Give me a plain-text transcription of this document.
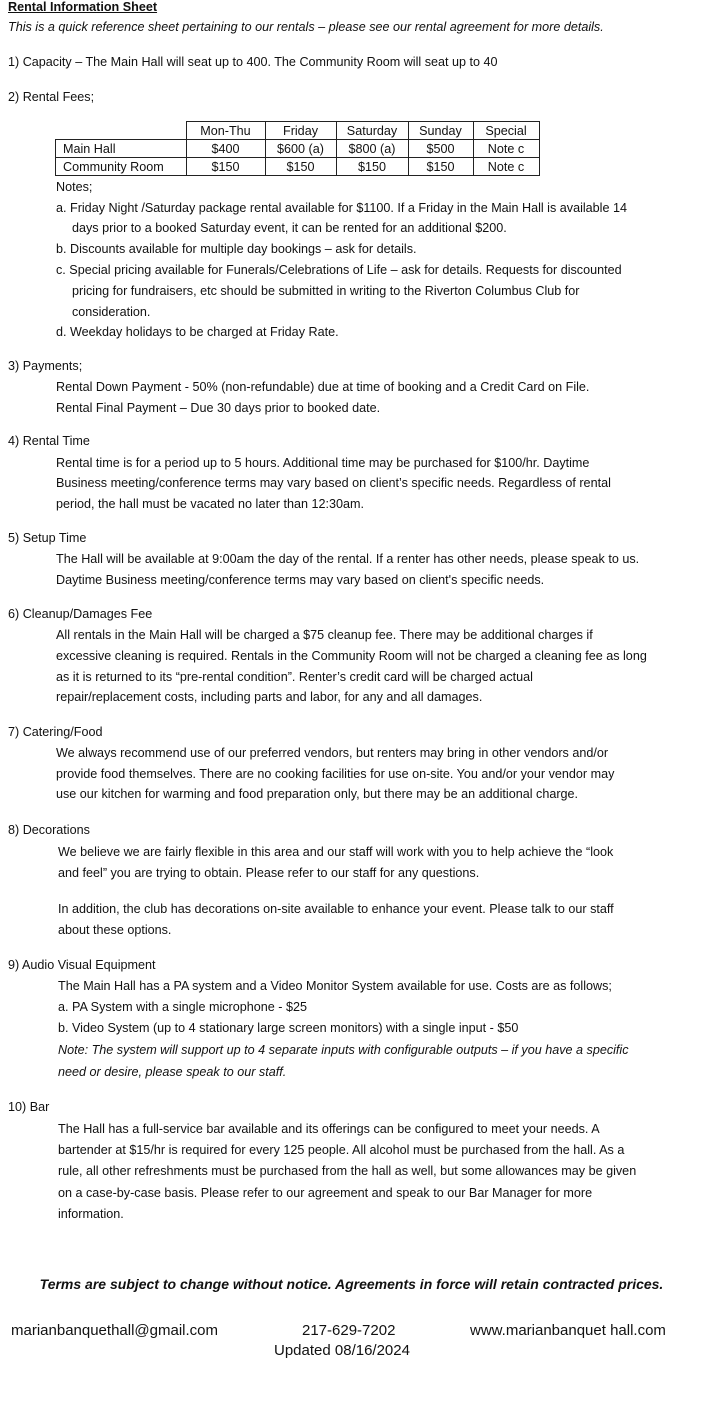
Rental Information Sheet
This is a quick reference sheet pertaining to our rentals – please see our rental agreement for more details.
1) Capacity – The Main Hall will seat up to 400. The Community Room will seat up to 40
2) Rental Fees;
	Mon-Thu	Friday	Saturday	Sunday	Special
Main Hall	$400	$600 (a)	$800 (a)	$500	Note c
Community Room	$150	$150	$150	$150	Note c
Notes;
a. Friday Night /Saturday package rental available for $1100. If a Friday in the Main Hall is available 14
days prior to a booked Saturday event, it can be rented for an additional $200.
b. Discounts available for multiple day bookings – ask for details.
c. Special pricing available for Funerals/Celebrations of Life – ask for details. Requests for discounted
pricing for fundraisers, etc should be submitted in writing to the Riverton Columbus Club for
consideration.
d. Weekday holidays to be charged at Friday Rate.
3) Payments;
Rental Down Payment - 50% (non-refundable) due at time of booking and a Credit Card on File.
Rental Final Payment – Due 30 days prior to booked date.
4) Rental Time
Rental time is for a period up to 5 hours. Additional time may be purchased for $100/hr. Daytime
Business meeting/conference terms may vary based on client’s specific needs. Regardless of rental
period, the hall must be vacated no later than 12:30am.
5) Setup Time
The Hall will be available at 9:00am the day of the rental. If a renter has other needs, please speak to us.
Daytime Business meeting/conference terms may vary based on client's specific needs.
6) Cleanup/Damages Fee
All rentals in the Main Hall will be charged a $75 cleanup fee. There may be additional charges if
excessive cleaning is required. Rentals in the Community Room will not be charged a cleaning fee as long
as it is returned to its “pre-rental condition”. Renter’s credit card will be charged actual
repair/replacement costs, including parts and labor, for any and all damages.
7) Catering/Food
We always recommend use of our preferred vendors, but renters may bring in other vendors and/or
provide food themselves. There are no cooking facilities for use on-site. You and/or your vendor may
use our kitchen for warming and food preparation only, but there may be an additional charge.
8) Decorations
We believe we are fairly flexible in this area and our staff will work with you to help achieve the “look
and feel” you are trying to obtain. Please refer to our staff for any questions.
In addition, the club has decorations on-site available to enhance your event. Please talk to our staff
about these options.
9) Audio Visual Equipment
The Main Hall has a PA system and a Video Monitor System available for use. Costs are as follows;
a. PA System with a single microphone - $25
b. Video System (up to 4 stationary large screen monitors) with a single input - $50
Note: The system will support up to 4 separate inputs with configurable outputs – if you have a specific
need or desire, please speak to our staff.
10) Bar
The Hall has a full-service bar available and its offerings can be configured to meet your needs. A
bartender at $15/hr is required for every 125 people. All alcohol must be purchased from the hall. As a
rule, all other refreshments must be purchased from the hall as well, but some allowances may be given
on a case-by-case basis. Please refer to our agreement and speak to our Bar Manager for more
information.
Terms are subject to change without notice. Agreements in force will retain contracted prices.
marianbanquethall@gmail.com	217-629-7202	www.marianbanquet hall.com
Updated 08/16/2024
